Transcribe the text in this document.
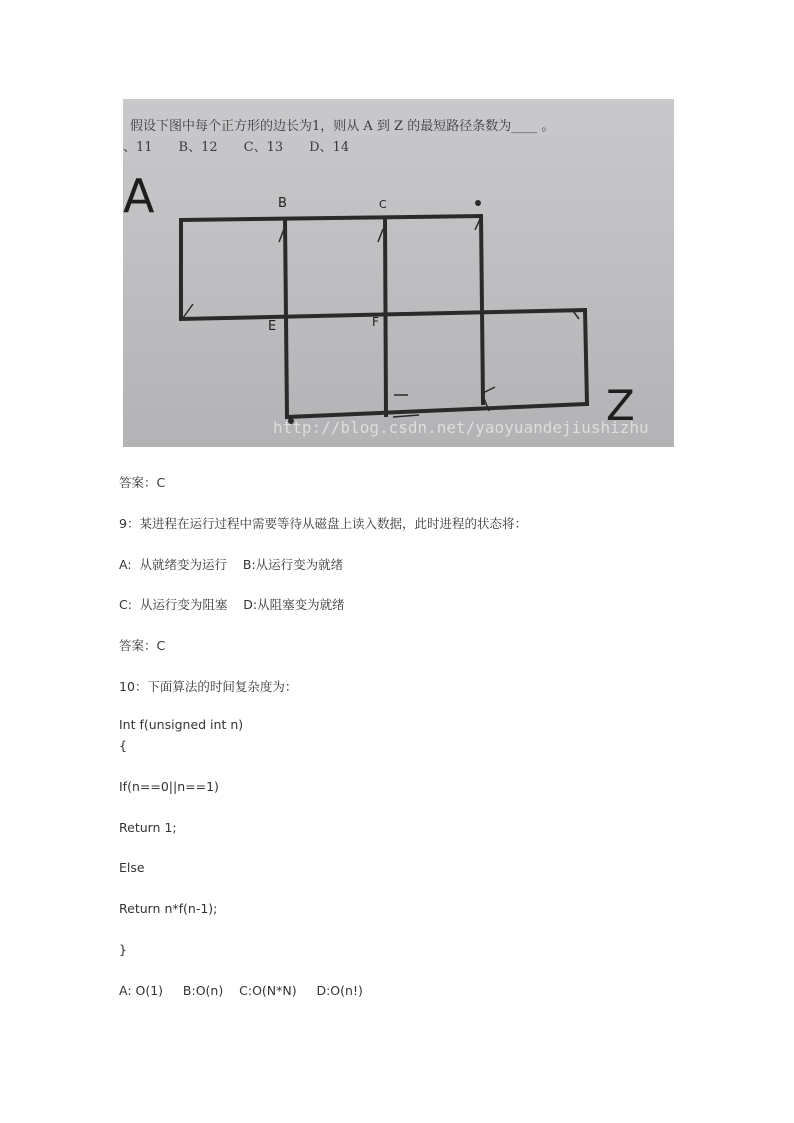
假设下图中每个正方形的边长为1，则从 A 到 Z 的最短路径条数为____ 。
、11　　B、12　　C、13　　D、14
A
Z
B	C
E	F
http://blog.csdn.net/yaoyuandejiushizhu
答案：C
9：某进程在运行过程中需要等待从磁盘上读入数据，此时进程的状态将：
A:  从就绪变为运行    B:从运行变为就绪
C:  从运行变为阻塞    D:从阻塞变为就绪
答案：C
10：下面算法的时间复杂度为：
Int f(unsigned int n)
{
If(n==0||n==1)
Return 1;
Else
Return n*f(n-1);
}
A: O(1)     B:O(n)    C:O(N*N)     D:O(n!)
